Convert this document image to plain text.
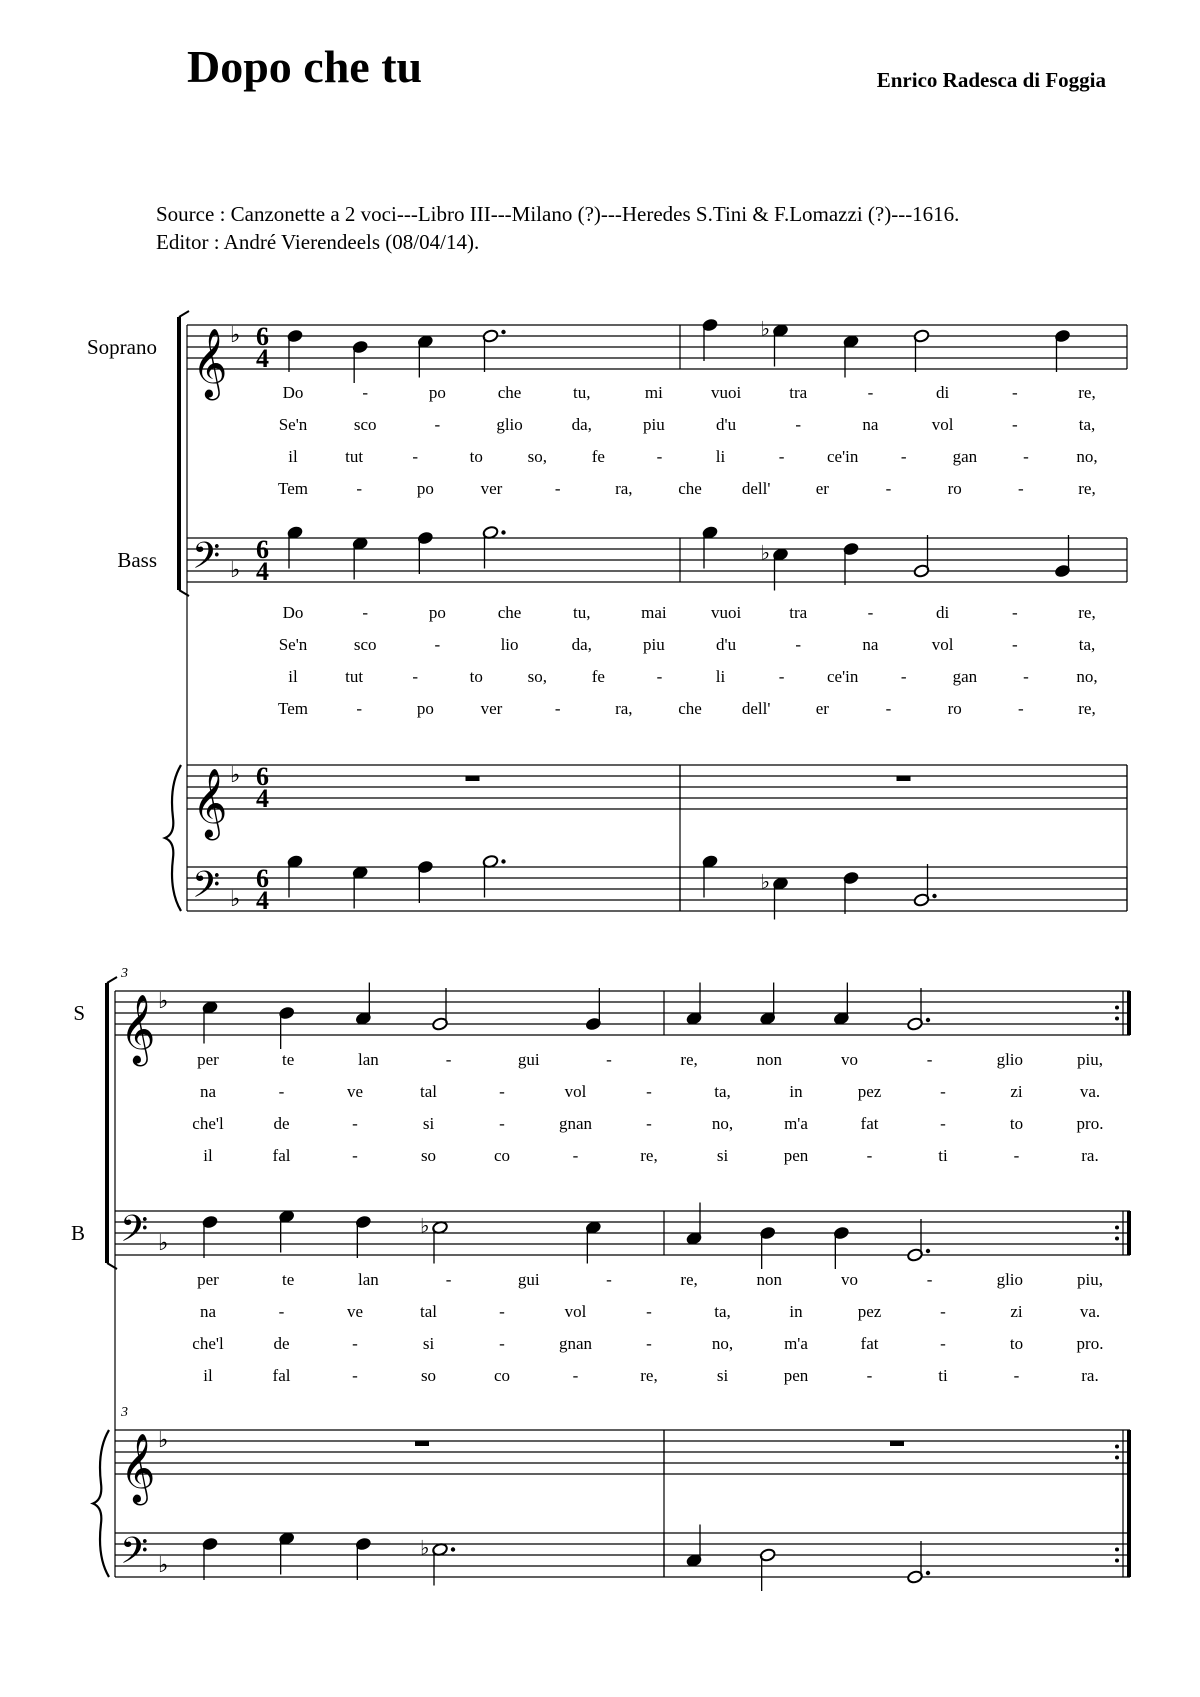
Dopo che tu	Enrico Radesca di Foggia
Source : Canzonette a 2 voci---Libro III---Milano (?)---Heredes S.Tini & F.Lomazzi (?)---1616.
Editor : André Vierendeels (08/04/14).
𝄞 ♭ 6
4
𝄢 ♭
6
4
𝄞 ♭ 6
4
𝄢 ♭
6
4
Soprano
Bass
♭
♭
♭
Do	-	po	che	tu,	mi	vuoi	tra	-	di	-	re,
Se'n	sco	-	glio	da,	piu	d'u	-	na	vol	-	ta,
il	tut	-	to	so,	fe	-	li	-	ce'in	-	gan	-	no,
Tem	-	po	ver	-	ra,	che dell'	er	-	ro	-	re,
Do	-	po	che	tu,	mai	vuoi	tra	-	di	-	re,
Se'n	sco	-	lio	da,	piu	d'u	-	na	vol	-	ta,
il	tut	-	to	so,	fe	-	li	-	ce'in	-	gan	-	no,
Tem	-	po	ver	-	ra,	che dell'	er	-	ro	-	re,
𝄞 ♭
𝄢 ♭
𝄞 ♭
𝄢 ♭
S
B
3
3
♭
♭
per	te	lan	-	gui	-	re,	non	vo	-	glio	piu,
na	-	ve	tal	-	vol	-	ta,	in	pez	-	zi	va.
che'l	de	-	si	-	gnan	-	no,	m'a	fat	-	to	pro.
il	fal	-	so	co	-	re,	si	pen	-	ti	-	ra.
per	te	lan	-	gui	-	re,	non	vo	-	glio	piu,
na	-	ve	tal	-	vol	-	ta,	in	pez	-	zi	va.
che'l	de	-	si	-	gnan	-	no,	m'a	fat	-	to	pro.
il	fal	-	so	co	-	re,	si	pen	-	ti	-	ra.
